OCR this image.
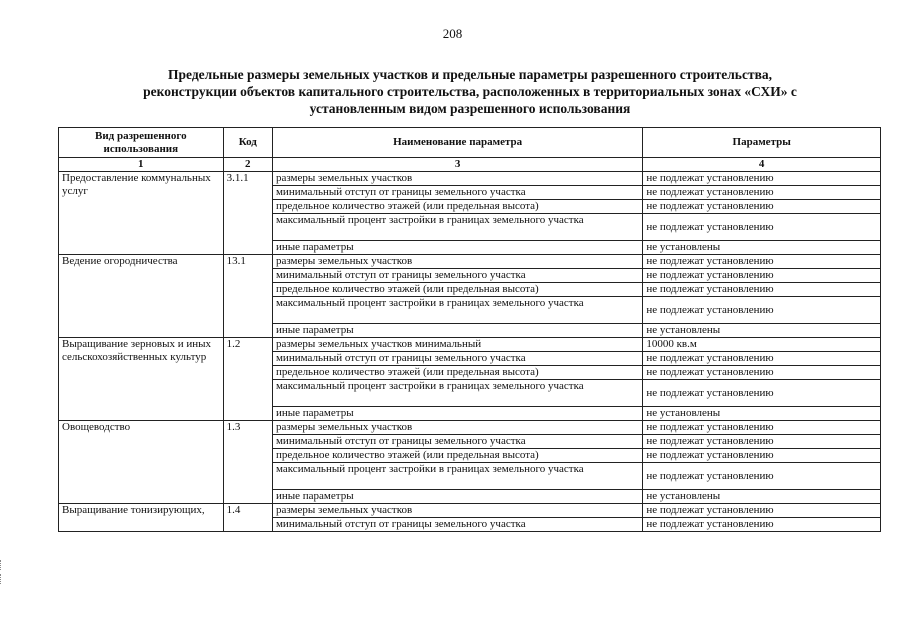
208
Предельные размеры земельных участков и предельные параметры разрешенного строительства,
реконструкции объектов капитального строительства, расположенных в территориальных зонах «СХИ» с
установленным видом разрешенного использования
Вид разрешенного использования	Код	Наименование параметра	Параметры
1	2	3	4
Предоставление коммунальных услуг	3.1.1	размеры земельных участков	не подлежат установлению
		минимальный отступ от границы земельного участка	не подлежат установлению
		предельное количество этажей (или предельная высота)	не подлежат установлению
		максимальный процент застройки в границах земельного участка	не подлежат установлению
		иные параметры	не установлены
Ведение огородничества	13.1	размеры земельных участков	не подлежат установлению
		минимальный отступ от границы земельного участка	не подлежат установлению
		предельное количество этажей (или предельная высота)	не подлежат установлению
		максимальный процент застройки в границах земельного участка	не подлежат установлению
		иные параметры	не установлены
Выращивание зерновых и иных сельскохозяйственных культур	1.2	размеры земельных участков минимальный	10000 кв.м
		минимальный отступ от границы земельного участка	не подлежат установлению
		предельное количество этажей (или предельная высота)	не подлежат установлению
		максимальный процент застройки в границах земельного участка	не подлежат установлению
		иные параметры	не установлены
Овощеводство	1.3	размеры земельных участков	не подлежат установлению
		минимальный отступ от границы земельного участка	не подлежат установлению
		предельное количество этажей (или предельная высота)	не подлежат установлению
		максимальный процент застройки в границах земельного участка	не подлежат установлению
		иные параметры	не установлены
Выращивание тонизирующих,	1.4	размеры земельных участков	не подлежат установлению
		минимальный отступ от границы земельного участка	не подлежат установлению
